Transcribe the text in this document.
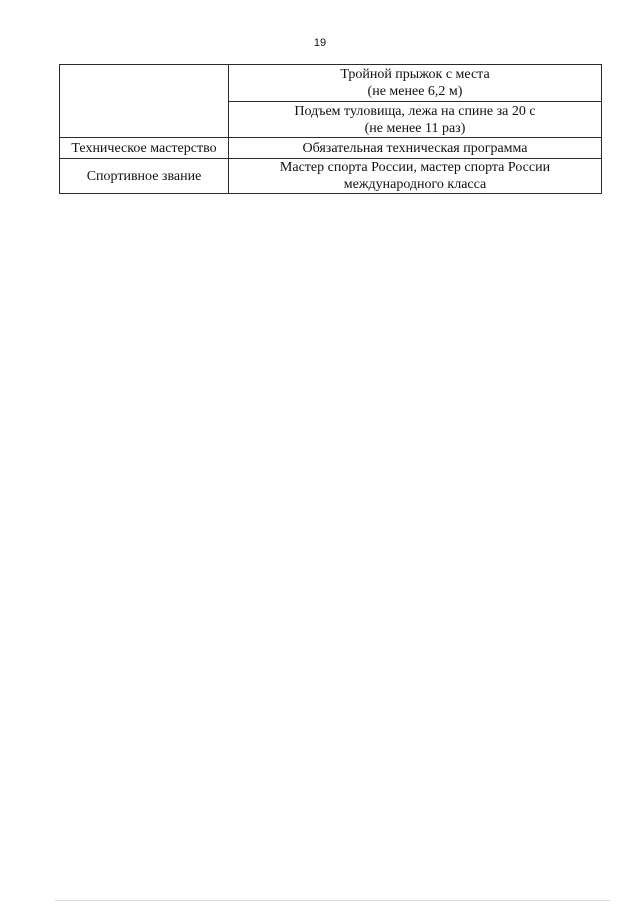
19

	Тройной прыжок с места
(не менее 6,2 м)

	Подъем туловища, лежа на спине за 20 с
(не менее 11 раз)

Техническое мастерство	Обязательная техническая программа

Спортивное звание	Мастер спорта России, мастер спорта России
международного класса
